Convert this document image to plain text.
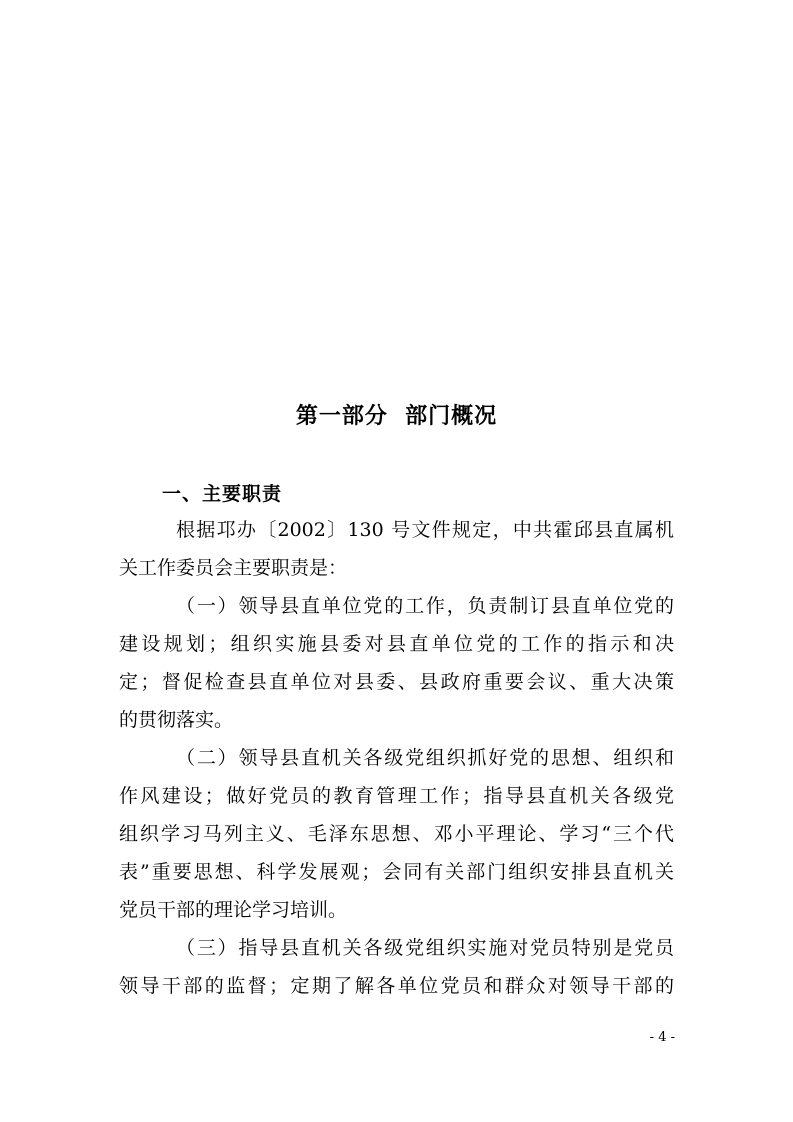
第一部分  部门概况
一、主要职责
根据邛办〔2002〕130 号文件规定，中共霍邱县直属机
关工作委员会主要职责是：
（一）领导县直单位党的工作，负责制订县直单位党的
建设规划；组织实施县委对县直单位党的工作的指示和决
定；督促检查县直单位对县委、县政府重要会议、重大决策
的贯彻落实。
（二）领导县直机关各级党组织抓好党的思想、组织和
作风建设；做好党员的教育管理工作；指导县直机关各级党
组织学习马列主义、毛泽东思想、邓小平理论、学习“三个代
表”重要思想、科学发展观；会同有关部门组织安排县直机关
党员干部的理论学习培训。
（三）指导县直机关各级党组织实施对党员特别是党员
领导干部的监督；定期了解各单位党员和群众对领导干部的
- 4 -
